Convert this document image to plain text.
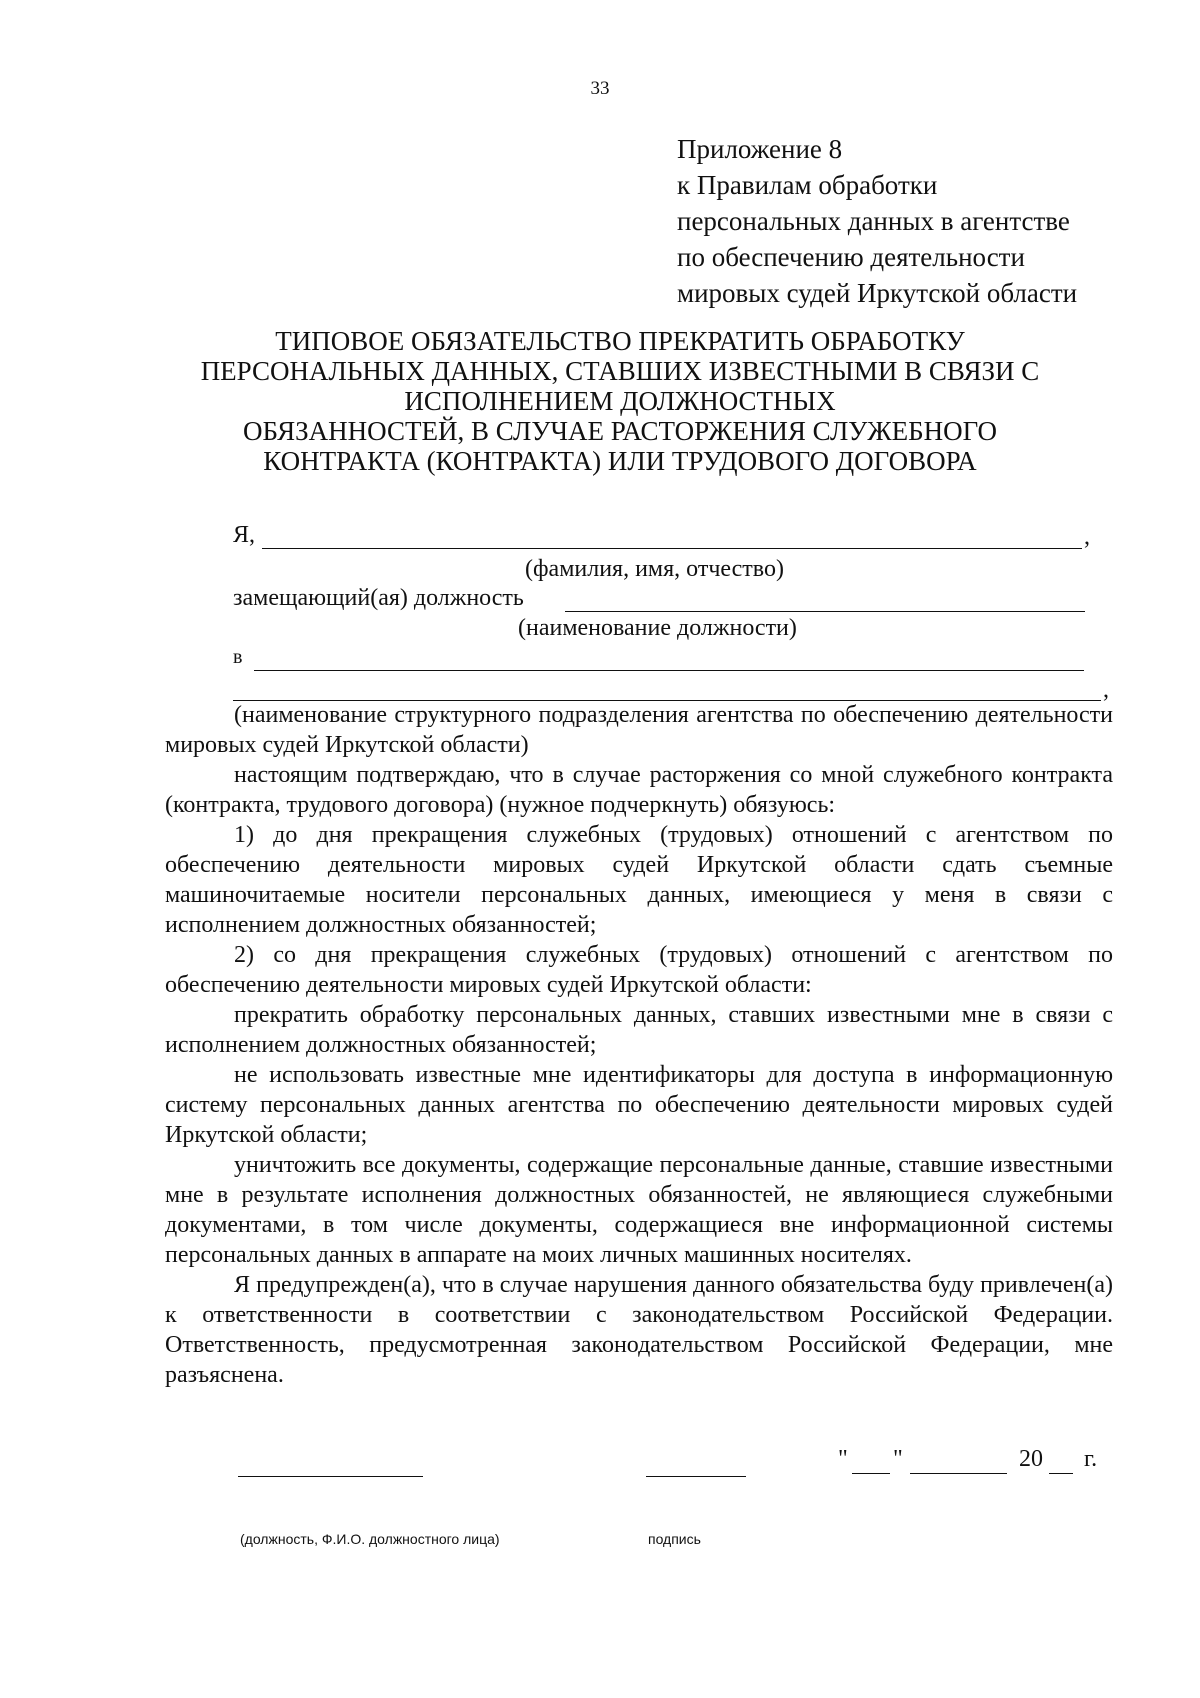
33
Приложение 8
к Правилам обработки
персональных данных в агентстве
по обеспечению деятельности
мировых судей Иркутской области
ТИПОВОЕ ОБЯЗАТЕЛЬСТВО ПРЕКРАТИТЬ ОБРАБОТКУ
ПЕРСОНАЛЬНЫХ ДАННЫХ, СТАВШИХ ИЗВЕСТНЫМИ В СВЯЗИ С
ИСПОЛНЕНИЕМ ДОЛЖНОСТНЫХ
ОБЯЗАННОСТЕЙ, В СЛУЧАЕ РАСТОРЖЕНИЯ СЛУЖЕБНОГО
КОНТРАКТА (КОНТРАКТА) ИЛИ ТРУДОВОГО ДОГОВОРА
Я,	,
(фамилия, имя, отчество)
замещающий(ая) должность
(наименование должности)
в
,

(наименование структурного подразделения агентства по обеспечению деятельности мировых судей Иркутской области)

настоящим подтверждаю, что в случае расторжения со мной служебного контракта (контракта, трудового договора) (нужное подчеркнуть) обязуюсь:

1) до дня прекращения служебных (трудовых) отношений с агентством по обеспечению деятельности мировых судей Иркутской области сдать съемные машиночитаемые носители персональных данных, имеющиеся у меня в связи с исполнением должностных обязанностей;

2) со дня прекращения служебных (трудовых) отношений с агентством по обеспечению деятельности мировых судей Иркутской области:

прекратить обработку персональных данных, ставших известными мне в связи с исполнением должностных обязанностей;

не использовать известные мне идентификаторы для доступа в информационную систему персональных данных агентства по обеспечению деятельности мировых судей Иркутской области;

уничтожить все документы, содержащие персональные данные, ставшие известными мне в результате исполнения должностных обязанностей, не являющиеся служебными документами, в том числе документы, содержащиеся вне информационной системы персональных данных в аппарате на моих личных машинных носителях.

Я предупрежден(а), что в случае нарушения данного обязательства буду привлечен(а) к ответственности в соответствии с законодательством Российской Федерации. Ответственность, предусмотренная законодательством Российской Федерации, мне разъяснена.

" "	20 г.
(должность, Ф.И.О. должностного лица)	подпись
